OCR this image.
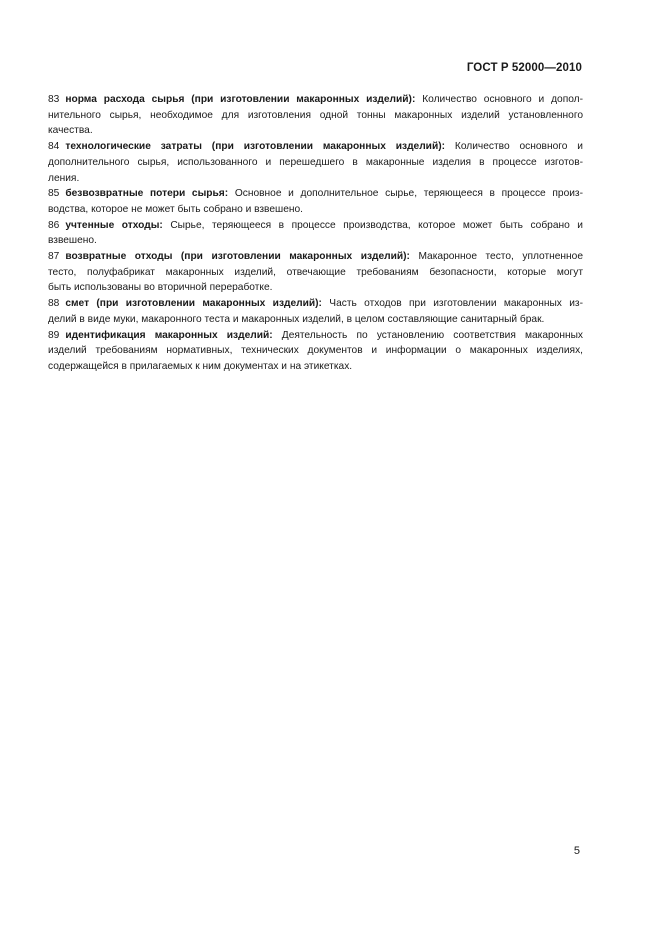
ГОСТ Р 52000—2010
83 норма расхода сырья (при изготовлении макаронных изделий): Количество основного и допол-
нительного сырья, необходимое для изготовления одной тонны макаронных изделий установленного
качества.
84 технологические затраты (при изготовлении макаронных изделий): Количество основного и
дополнительного сырья, использованного и перешедшего в макаронные изделия в процессе изготов-
ления.
85 безвозвратные потери сырья: Основное и дополнительное сырье, теряющееся в процессе произ-
водства, которое не может быть собрано и взвешено.
86 учтенные отходы: Сырье, теряющееся в процессе производства, которое может быть собрано и
взвешено.
87 возвратные отходы (при изготовлении макаронных изделий): Макаронное тесто, уплотненное
тесто, полуфабрикат макаронных изделий, отвечающие требованиям безопасности, которые могут
быть использованы во вторичной переработке.
88 смет (при изготовлении макаронных изделий): Часть отходов при изготовлении макаронных из-
делий в виде муки, макаронного теста и макаронных изделий, в целом составляющие санитарный брак.
89 идентификация макаронных изделий: Деятельность по установлению соответствия макаронных
изделий требованиям нормативных, технических документов и информации о макаронных изделиях,
содержащейся в прилагаемых к ним документах и на этикетках.
5
